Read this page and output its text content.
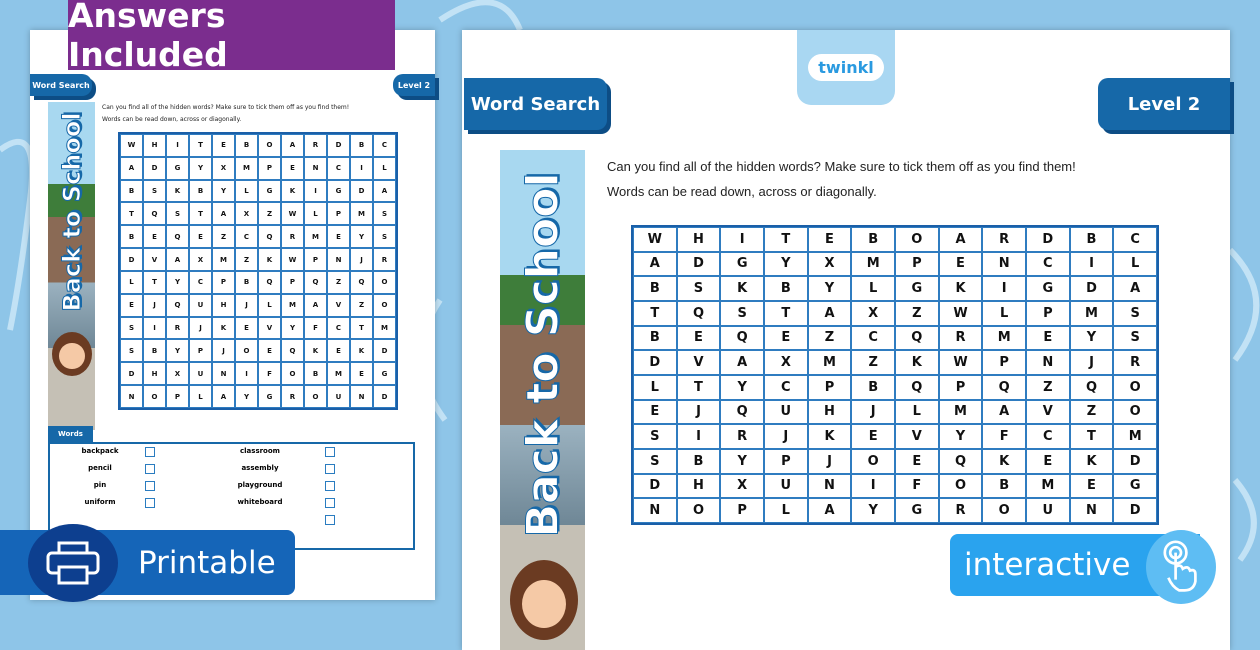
Word Search	Level 2
Back to School
Can you find all of the hidden words? Make sure to tick them off as you find them!
Words can be read down, across or diagonally.
W	H	I	T	E	B	O	A	R	D	B	C
A	D	G	Y	X	M	P	E	N	C	I	L
B	S	K	B	Y	L	G	K	I	G	D	A
T	Q	S	T	A	X	Z	W	L	P	M	S
B	E	Q	E	Z	C	Q	R	M	E	Y	S
D	V	A	X	M	Z	K	W	P	N	J	R
L	T	Y	C	P	B	Q	P	Q	Z	Q	O
E	J	Q	U	H	J	L	M	A	V	Z	O
S	I	R	J	K	E	V	Y	F	C	T	M
S	B	Y	P	J	O	E	Q	K	E	K	D
D	H	X	U	N	I	F	O	B	M	E	G
N	O	P	L	A	Y	G	R	O	U	N	D
Words
backpack
pencil
pin
uniform
classroom
assembly
playground
whiteboard
Answers Included	twinkl
Word Search	Level 2
Back to School
Can you find all of the hidden words? Make sure to tick them off as you find them!
Words can be read down, across or diagonally.
W	H	I	T	E	B	O	A	R	D	B	C
A	D	G	Y	X	M	P	E	N	C	I	L
B	S	K	B	Y	L	G	K	I	G	D	A
T	Q	S	T	A	X	Z	W	L	P	M	S
B	E	Q	E	Z	C	Q	R	M	E	Y	S
D	V	A	X	M	Z	K	W	P	N	J	R
L	T	Y	C	P	B	Q	P	Q	Z	Q	O
E	J	Q	U	H	J	L	M	A	V	Z	O
S	I	R	J	K	E	V	Y	F	C	T	M
S	B	Y	P	J	O	E	Q	K	E	K	D
D	H	X	U	N	I	F	O	B	M	E	G
N	O	P	L	A	Y	G	R	O	U	N	D
Printable	interactive
